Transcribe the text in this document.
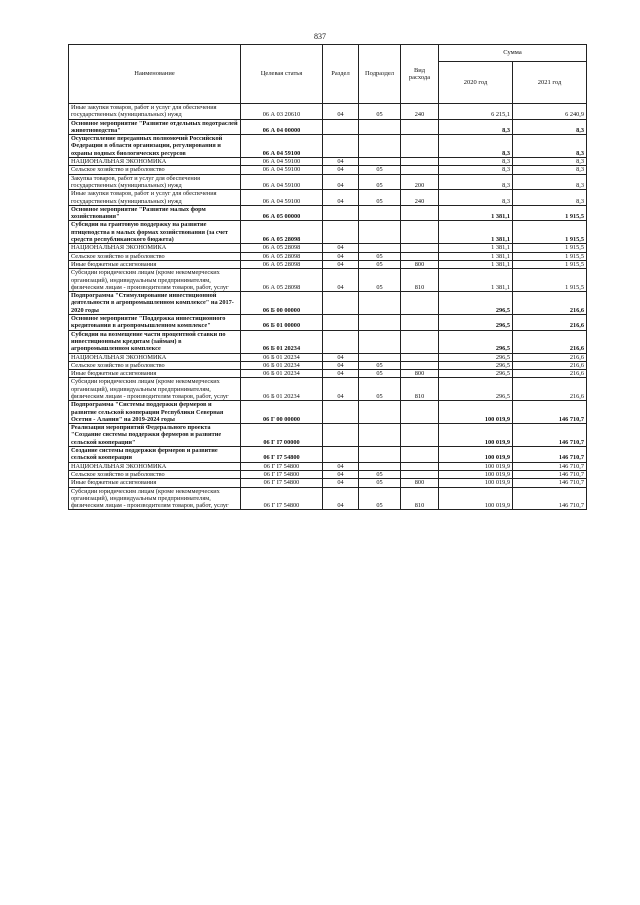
837
Наименование	Целевая статья	Раздел	Подраздел	Вид расхода	Сумма	
					2020 год	2021 год
Иные закупки товаров, работ и услуг для обеспечения государственных (муниципальных) нужд	06 А 03 20610	04	05	240	6 215,1	6 240,9
Основное мероприятие "Развитие отдельных подотраслей животноводства"	06 А 04 00000				8,3	8,3
Осуществление переданных полномочий Российской Федерации в области организации, регулирования и охраны водных биологических ресурсов	06 А 04 59100				8,3	8,3
НАЦИОНАЛЬНАЯ ЭКОНОМИКА	06 А 04 59100	04			8,3	8,3
Сельское хозяйство и рыболовство	06 А 04 59100	04	05		8,3	8,3
Закупка товаров, работ и услуг для обеспечения государственных (муниципальных) нужд	06 А 04 59100	04	05	200	8,3	8,3
Иные закупки товаров, работ и услуг для обеспечения государственных (муниципальных) нужд	06 А 04 59100	04	05	240	8,3	8,3
Основное мероприятие "Развитие малых форм хозяйствования"	06 А 05 00000				1 381,1	1 915,5
Субсидии на грантовую поддержку на развитие птицеводства в малых формах хозяйствования (за счет средств республиканского бюджета)	06 А 05 28098				1 381,1	1 915,5
НАЦИОНАЛЬНАЯ ЭКОНОМИКА	06 А 05 28098	04			1 381,1	1 915,5
Сельское хозяйство и рыболовство	06 А 05 28098	04	05		1 381,1	1 915,5
Иные бюджетные ассигнования	06 А 05 28098	04	05	800	1 381,1	1 915,5
Субсидии юридическим лицам (кроме некоммерческих организаций), индивидуальным предпринимателям, физическим лицам - производителям товаров, работ, услуг	06 А 05 28098	04	05	810	1 381,1	1 915,5
Подпрограмма "Стимулирование инвестиционной деятельности в агропромышленном комплексе" на 2017-2020 годы	06 Б 00 00000				296,5	216,6
Основное мероприятие "Поддержка инвестиционного кредитования в агропромышленном комплексе"	06 Б 01 00000				296,5	216,6
Субсидии на возмещение части процентной ставки по инвестиционным кредитам (займам) в агропромышленном комплексе	06 Б 01 20234				296,5	216,6
НАЦИОНАЛЬНАЯ ЭКОНОМИКА	06 Б 01 20234	04			296,5	216,6
Сельское хозяйство и рыболовство	06 Б 01 20234	04	05		296,5	216,6
Иные бюджетные ассигнования	06 Б 01 20234	04	05	800	296,5	216,6
Субсидии юридическим лицам (кроме некоммерческих организаций), индивидуальным предпринимателям, физическим лицам - производителям товаров, работ, услуг	06 Б 01 20234	04	05	810	296,5	216,6
Подпрограмма "Системы поддержки фермеров и развитие сельской кооперации Республики Северная Осетия - Алания" на 2019-2024 годы	06 Г 00 00000				100 019,9	146 710,7
Реализация мероприятий Федерального проекта "Создание системы поддержки фермеров и развитие сельской кооперации"	06 Г I7 00000				100 019,9	146 710,7
Создание системы поддержки фермеров и развитие сельской кооперации	06 Г I7 54800				100 019,9	146 710,7
НАЦИОНАЛЬНАЯ ЭКОНОМИКА	06 Г I7 54800	04			100 019,9	146 710,7
Сельское хозяйство и рыболовство	06 Г I7 54800	04	05		100 019,9	146 710,7
Иные бюджетные ассигнования	06 Г I7 54800	04	05	800	100 019,9	146 710,7
Субсидии юридическим лицам (кроме некоммерческих организаций), индивидуальным предпринимателям, физическим лицам - производителям товаров, работ, услуг	06 Г I7 54800	04	05	810	100 019,9	146 710,7
